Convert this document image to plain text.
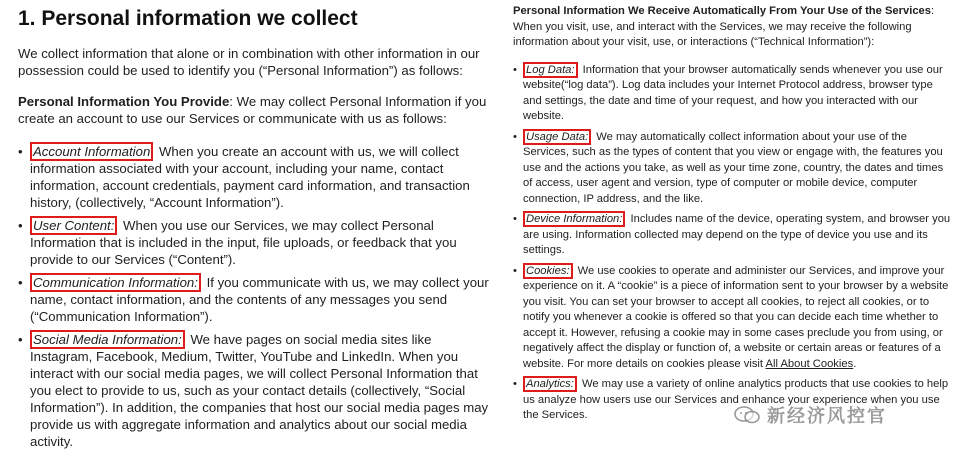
1. Personal information we collect

We collect information that alone or in combination with other information in our possession could be used to identify you (“Personal Information”) as follows:

Personal Information You Provide: We may collect Personal Information if you create an account to use our Services or communicate with us as follows:

• Account Information When you create an account with us, we will collect information associated with your account, including your name, contact information, account credentials, payment card information, and transaction history, (collectively, “Account Information”).
• User Content: When you use our Services, we may collect Personal Information that is included in the input, file uploads, or feedback that you provide to our Services (“Content”).
• Communication Information: If you communicate with us, we may collect your name, contact information, and the contents of any messages you send (“Communication Information”).
• Social Media Information: We have pages on social media sites like Instagram, Facebook, Medium, Twitter, YouTube and LinkedIn. When you interact with our social media pages, we will collect Personal Information that you elect to provide to us, such as your contact details (collectively, “Social Information”). In addition, the companies that host our social media pages may provide us with aggregate information and analytics about our social media activity.

Personal Information We Receive Automatically From Your Use of the Services: When you visit, use, and interact with the Services, we may receive the following information about your visit, use, or interactions (“Technical Information”):

• Log Data: Information that your browser automatically sends whenever you use our website(“log data”). Log data includes your Internet Protocol address, browser type and settings, the date and time of your request, and how you interacted with our website.
• Usage Data: We may automatically collect information about your use of the Services, such as the types of content that you view or engage with, the features you use and the actions you take, as well as your time zone, country, the dates and times of access, user agent and version, type of computer or mobile device, computer connection, IP address, and the like.
• Device Information: Includes name of the device, operating system, and browser you are using. Information collected may depend on the type of device you use and its settings.
• Cookies: We use cookies to operate and administer our Services, and improve your experience on it. A “cookie” is a piece of information sent to your browser by a website you visit. You can set your browser to accept all cookies, to reject all cookies, or to notify you whenever a cookie is offered so that you can decide each time whether to accept it. However, refusing a cookie may in some cases preclude you from using, or negatively affect the display or function of, a website or certain areas or features of a website. For more details on cookies please visit All About Cookies.
• Analytics: We may use a variety of online analytics products that use cookies to help us analyze how users use our Services and enhance your experience when you use the Services.	新经济风控官
